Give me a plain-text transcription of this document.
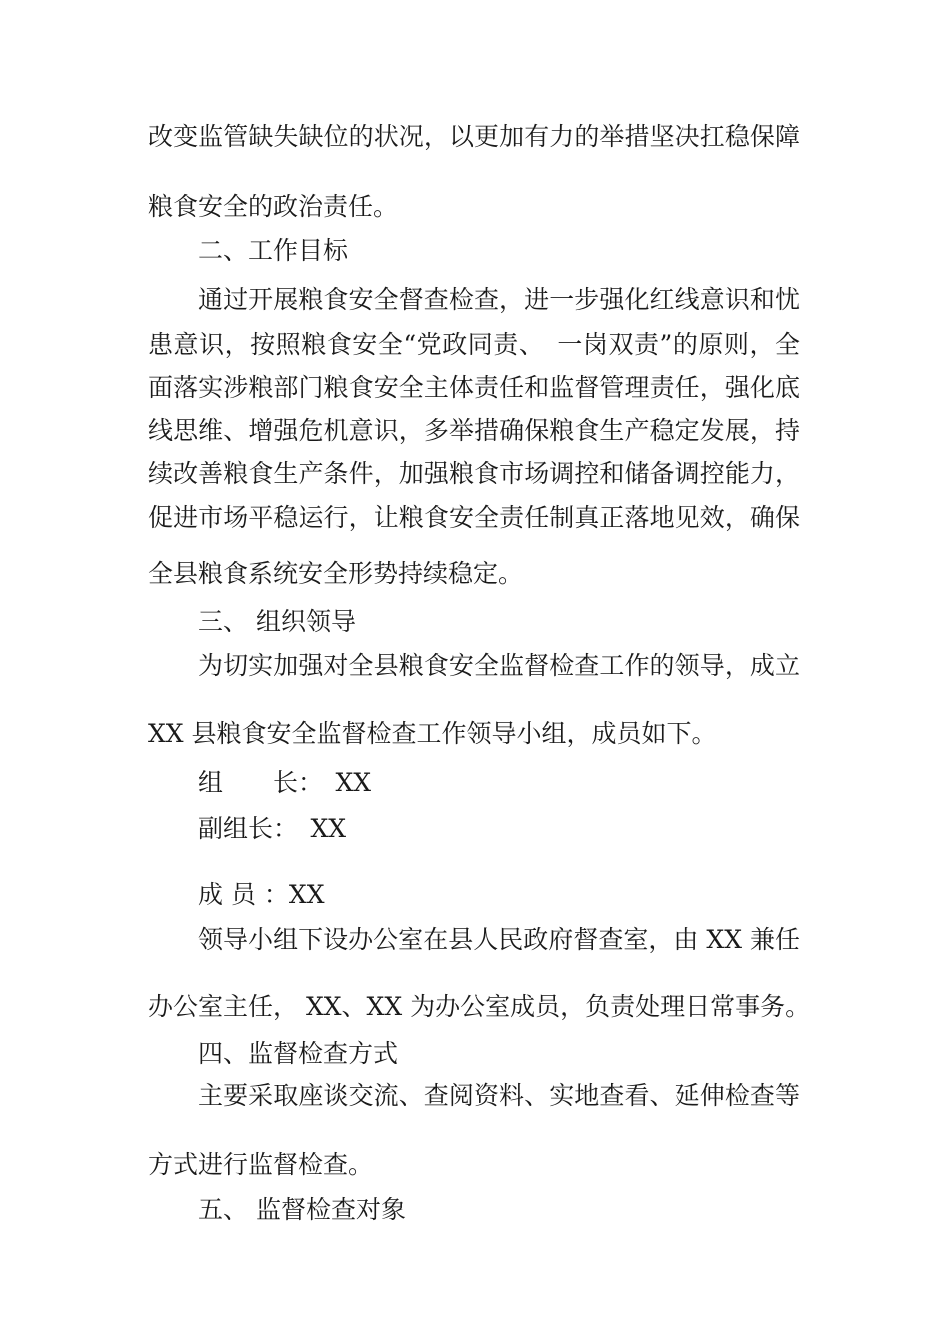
改变监管缺失缺位的状况，以更加有力的举措坚决扛稳保障
粮食安全的政治责任。
二、工作目标
通过开展粮食安全督查检查，进一步强化红线意识和忧
患意识，按照粮食安全“党政同责、　一岗双责”的原则，全
面落实涉粮部门粮食安全主体责任和监督管理责任，强化底
线思维、增强危机意识，多举措确保粮食生产稳定发展，持
续改善粮食生产条件，加强粮食市场调控和储备调控能力，
促进市场平稳运行，让粮食安全责任制真正落地见效，确保
全县粮食系统安全形势持续稳定。
三、 组织领导
为切实加强对全县粮食安全监督检查工作的领导，成立
XX 县粮食安全监督检查工作领导小组，成员如下。
组　　长：　XX
副组长：　XX
成 员 ：XX
领导小组下设办公室在县人民政府督查室，由 XX 兼任
办公室主任， XX、XX 为办公室成员，负责处理日常事务。
四、监督检查方式
主要采取座谈交流、查阅资料、实地查看、延伸检查等
方式进行监督检查。
五、 监督检查对象
